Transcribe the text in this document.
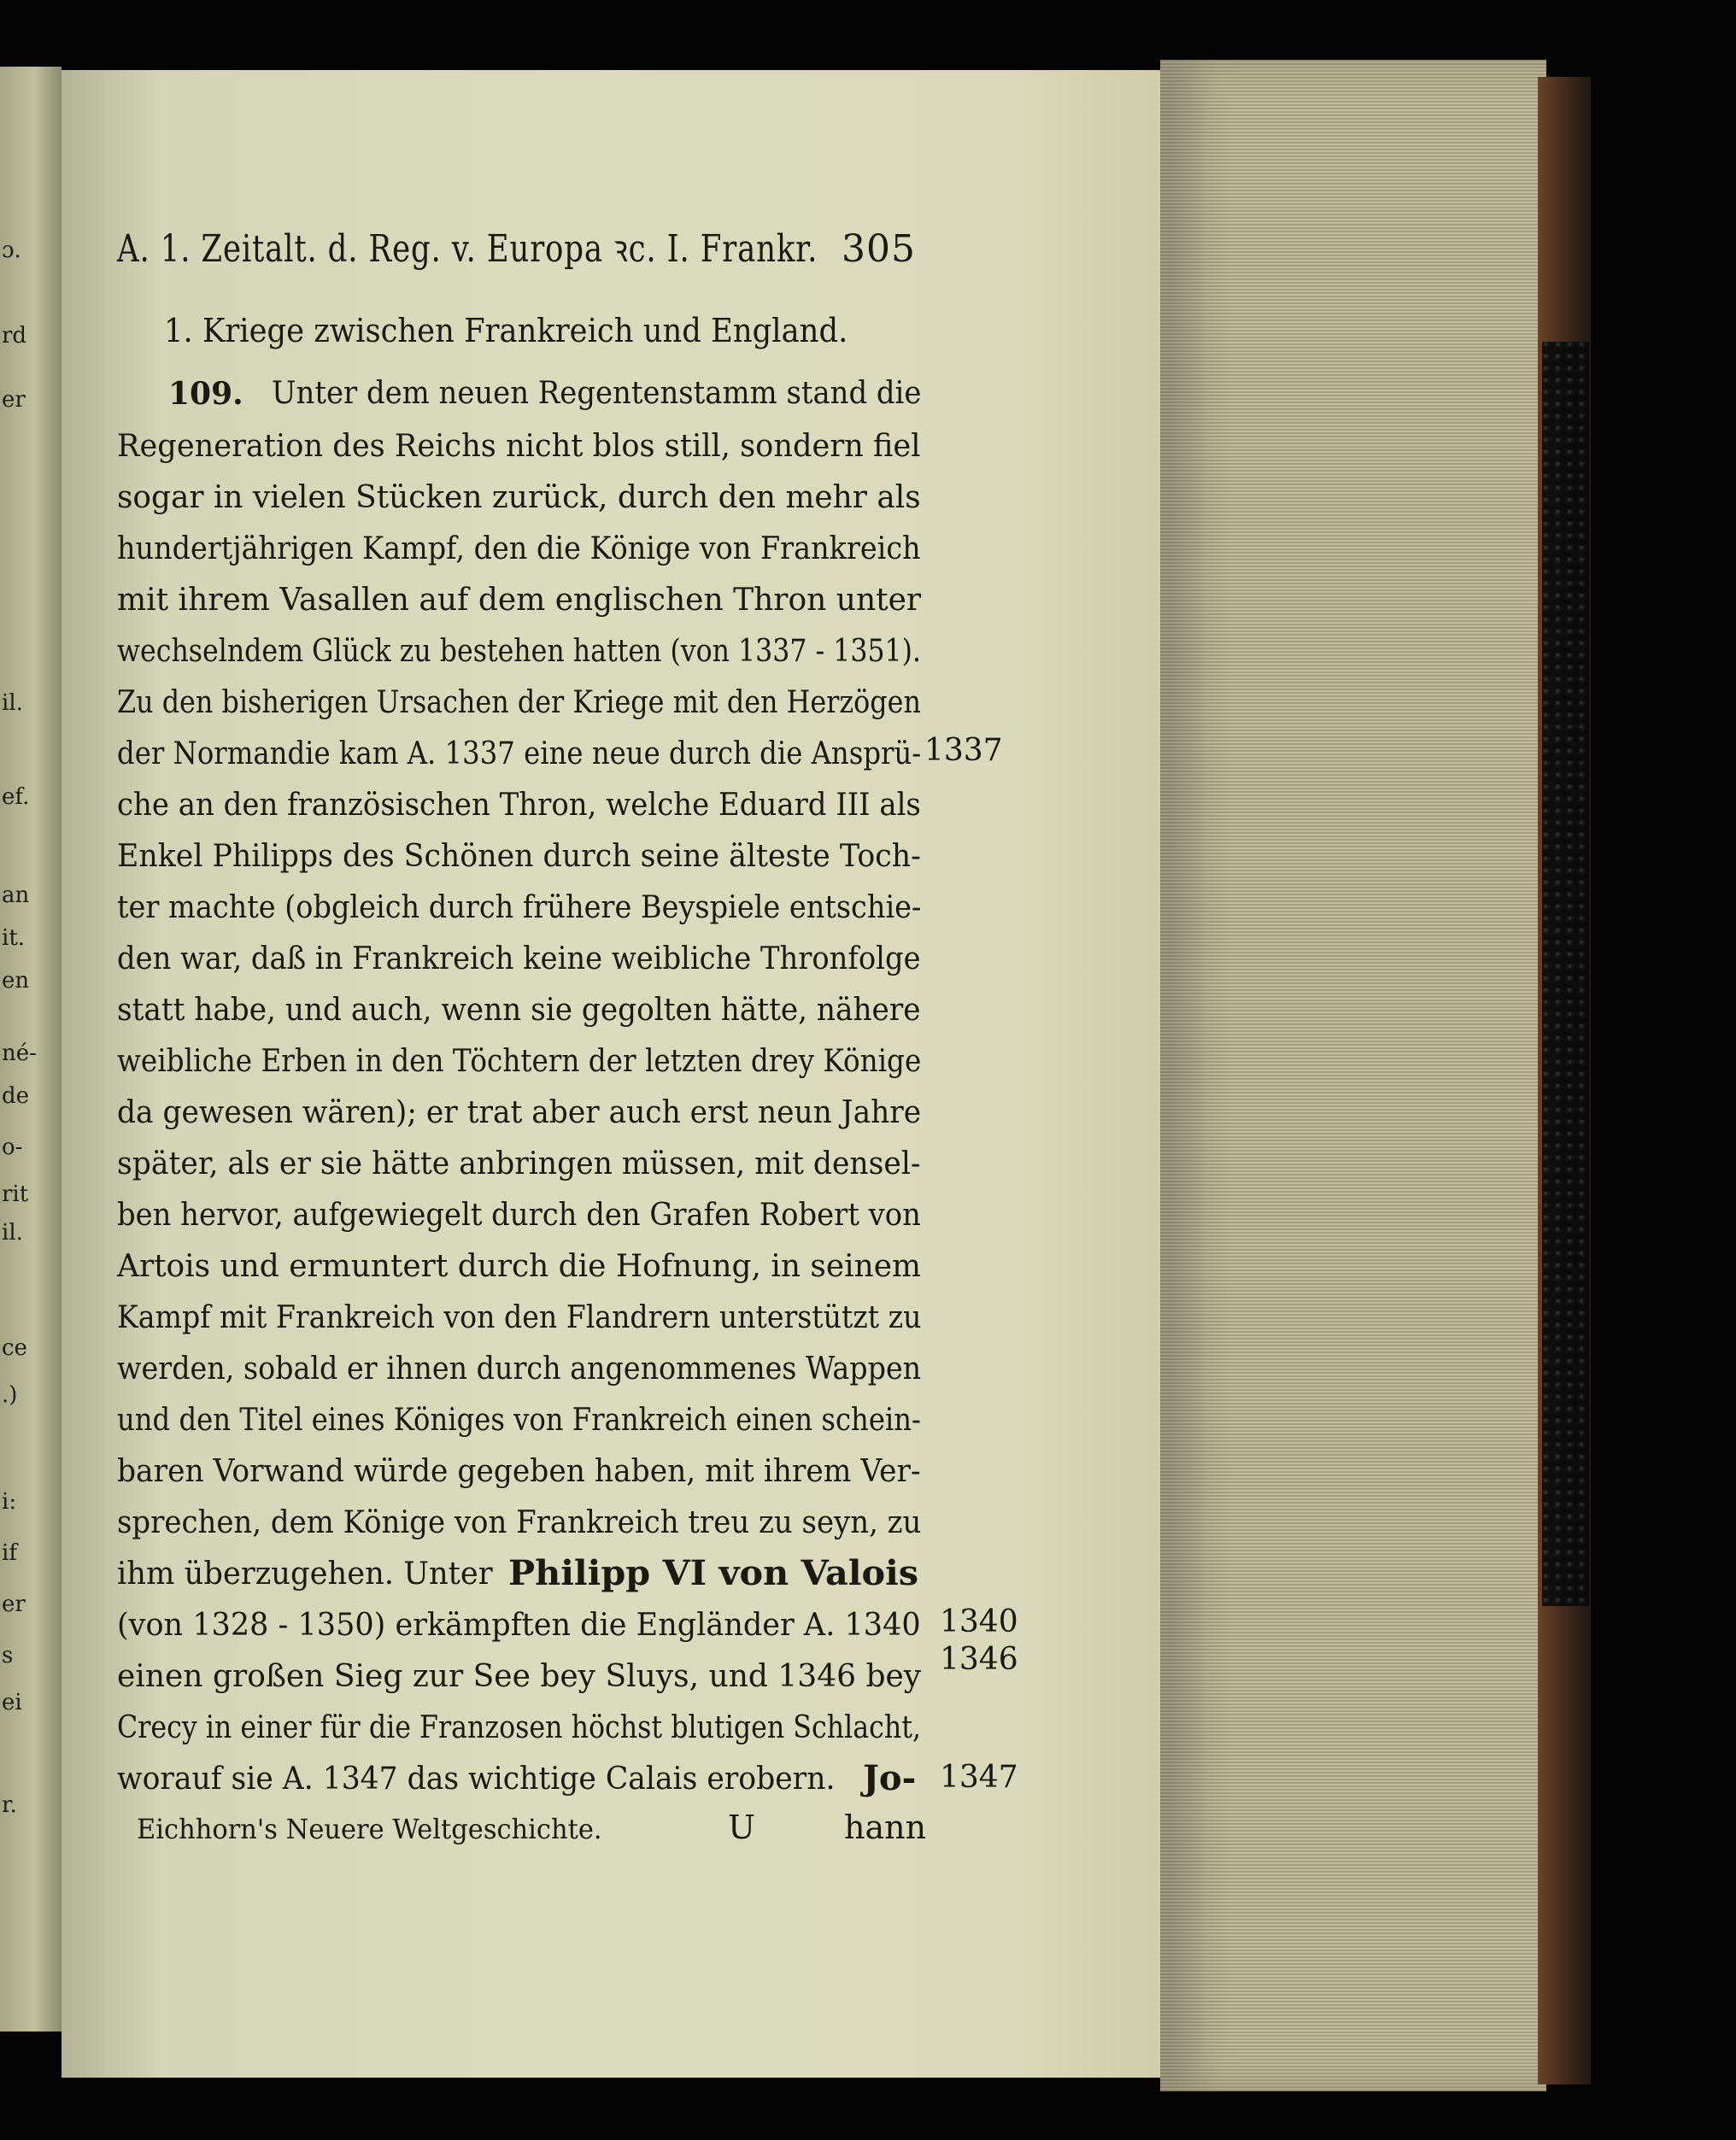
ɔ.
rd
er
il.
ef.
an
it.
en
né-
de
o-
rit
il.
ce
.)
i:
if
er
s
ei
r.
A. 1. Zeitalt. d. Reg. v. Europa ꝛc. I. Frankr. 305
1. Kriege zwischen Frankreich und England.
109. Unter dem neuen Regentenstamm stand die
Regeneration des Reichs nicht blos still, sondern fiel
sogar in vielen Stücken zurück, durch den mehr als
hundertjährigen Kampf, den die Könige von Frankreich
mit ihrem Vasallen auf dem englischen Thron unter
wechselndem Glück zu bestehen hatten (von 1337 - 1351).
Zu den bisherigen Ursachen der Kriege mit den Herzögen
der Normandie kam A. 1337 eine neue durch die Ansprü-
che an den französischen Thron, welche Eduard III als
Enkel Philipps des Schönen durch seine älteste Toch-
ter machte (obgleich durch frühere Beyspiele entschie-
den war, daß in Frankreich keine weibliche Thronfolge
statt habe, und auch, wenn sie gegolten hätte, nähere
weibliche Erben in den Töchtern der letzten drey Könige
da gewesen wären); er trat aber auch erst neun Jahre
später, als er sie hätte anbringen müssen, mit densel-
ben hervor, aufgewiegelt durch den Grafen Robert von
Artois und ermuntert durch die Hofnung, in seinem
Kampf mit Frankreich von den Flandrern unterstützt zu
werden, sobald er ihnen durch angenommenes Wappen
und den Titel eines Königes von Frankreich einen schein-
baren Vorwand würde gegeben haben, mit ihrem Ver-
sprechen, dem Könige von Frankreich treu zu seyn, zu
ihm überzugehen. Unter Philipp VI von Valois
(von 1328 - 1350) erkämpften die Engländer A. 1340
einen großen Sieg zur See bey Sluys, und 1346 bey
Crecy in einer für die Franzosen höchst blutigen Schlacht,
worauf sie A. 1347 das wichtige Calais erobern. Jo-
1337
1340
1346
1347
Eichhorn's Neuere Weltgeschichte.	U	hann
